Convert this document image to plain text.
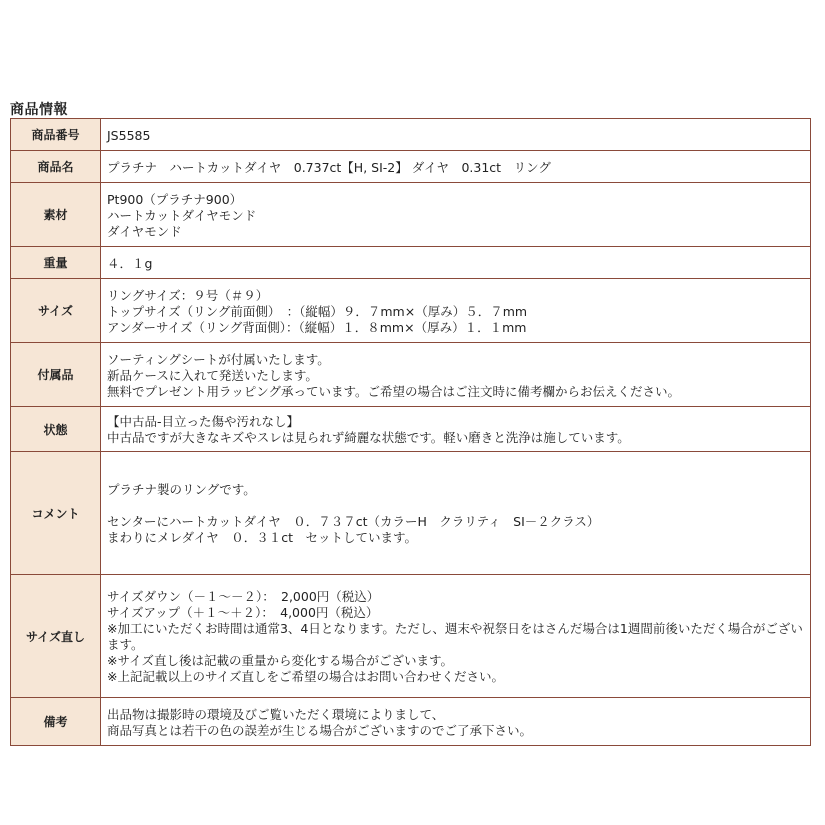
商品情報
商品番号	JS5585
商品名	プラチナ　ハートカットダイヤ　0.737ct【H, SI-2】 ダイヤ　0.31ct　リング
素材	Pt900（プラチナ900）
ハートカットダイヤモンド
ダイヤモンド

重量	４．１g
サイズ	リングサイズ：９号（＃９）
トップサイズ（リング前面側）　：（縦幅）９．７mm×（厚み）５．７mm
アンダーサイズ（リング背面側）：（縦幅）１．８mm×（厚み）１．１mm

付属品	ソーティングシートが付属いたします。
新品ケースに入れて発送いたします。
無料でプレゼント用ラッピング承っています。ご希望の場合はご注文時に備考欄からお伝えください。

状態	【中古品-目立った傷や汚れなし】
中古品ですが大きなキズやスレは見られず綺麗な状態です。軽い磨きと洗浄は施しています。

コメント	プラチナ製のリングです。
センターにハートカットダイヤ　０．７３７ct（カラーH　クラリティ　SI－２クラス）
まわりにメレダイヤ　０．３１ct　セットしています。

サイズ直し	サイズダウン（－１～－２）：　2,000円（税込）
サイズアップ（＋１～＋２）：　4,000円（税込）
※加工にいただくお時間は通常3、4日となります。ただし、週末や祝祭日をはさんだ場合は1週間前後いただく場合がございます。
※サイズ直し後は記載の重量から変化する場合がございます。
※上記記載以上のサイズ直しをご希望の場合はお問い合わせください。

備考	出品物は撮影時の環境及びご覧いただく環境によりまして、
商品写真とは若干の色の誤差が生じる場合がございますのでご了承下さい。
